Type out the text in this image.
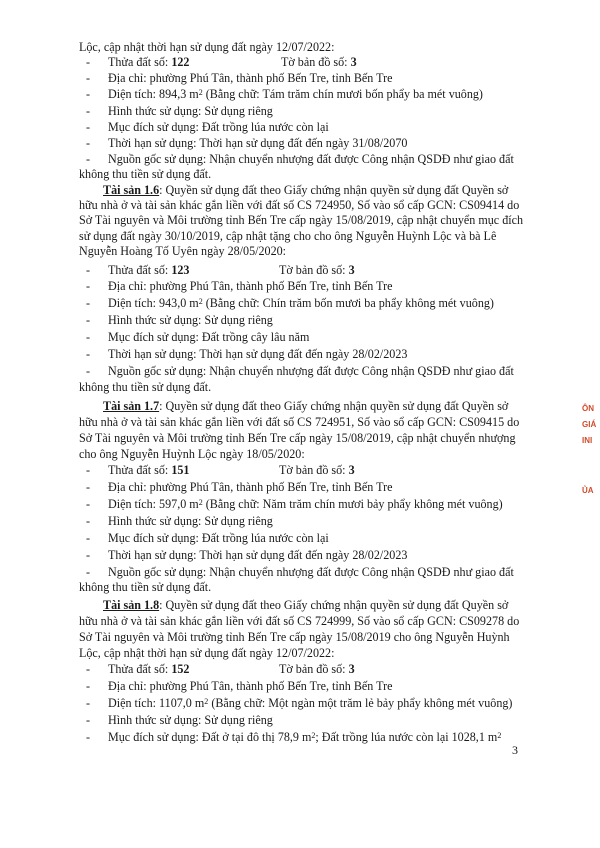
Lộc, cập nhật thời hạn sử dụng đất ngày 12/07/2022:
- Thửa đất số: 122	Tờ bản đồ số: 3
- Địa chỉ: phường Phú Tân, thành phố Bến Tre, tỉnh Bến Tre
- Diện tích: 894,3 $m^2$ (Bằng chữ: Tám trăm chín mươi bốn phẩy ba mét vuông)
- Hình thức sử dụng: Sử dụng riêng
- Mục đích sử dụng: Đất trồng lúa nước còn lại
- Thời hạn sử dụng: Thời hạn sử dụng đất đến ngày 31/08/2070
- Nguồn gốc sử dụng: Nhận chuyển nhượng đất được Công nhận QSDĐ như giao đất
không thu tiền sử dụng đất.
Tài sản 1.6: Quyền sử dụng đất theo Giấy chứng nhận quyền sử dụng đất Quyền sở
hữu nhà ở và tài sản khác gắn liền với đất số CS 724950, Số vào sổ cấp GCN: CS09414 do
Sở Tài nguyên và Môi trường tỉnh Bến Tre cấp ngày 15/08/2019, cập nhật chuyển mục đích
sử dụng đất ngày 30/10/2019, cập nhật tặng cho cho ông Nguyễn Huỳnh Lộc và bà Lê
Nguyễn Hoàng Tố Uyên ngày 28/05/2020:
- Thửa đất số: 123	Tờ bản đồ số: 3
- Địa chỉ: phường Phú Tân, thành phố Bến Tre, tỉnh Bến Tre
- Diện tích: 943,0 $m^2$ (Bằng chữ: Chín trăm bốn mươi ba phẩy không mét vuông)
- Hình thức sử dụng: Sử dụng riêng
- Mục đích sử dụng: Đất trồng cây lâu năm
- Thời hạn sử dụng: Thời hạn sử dụng đất đến ngày 28/02/2023
- Nguồn gốc sử dụng: Nhận chuyển nhượng đất được Công nhận QSDĐ như giao đất
không thu tiền sử dụng đất.
Tài sản 1.7: Quyền sử dụng đất theo Giấy chứng nhận quyền sử dụng đất Quyền sở
hữu nhà ở và tài sản khác gắn liền với đất số CS 724951, Số vào sổ cấp GCN: CS09415 do
Sở Tài nguyên và Môi trường tỉnh Bến Tre cấp ngày 15/08/2019, cập nhật chuyển nhượng
cho ông Nguyễn Huỳnh Lộc ngày 18/05/2020:
- Thửa đất số: 151	Tờ bản đồ số: 3
- Địa chỉ: phường Phú Tân, thành phố Bến Tre, tỉnh Bến Tre
- Diện tích: 597,0 $m^2$ (Bằng chữ: Năm trăm chín mươi bảy phẩy không mét vuông)
- Hình thức sử dụng: Sử dụng riêng
- Mục đích sử dụng: Đất trồng lúa nước còn lại
- Thời hạn sử dụng: Thời hạn sử dụng đất đến ngày 28/02/2023
- Nguồn gốc sử dụng: Nhận chuyển nhượng đất được Công nhận QSDĐ như giao đất
không thu tiền sử dụng đất.
Tài sản 1.8: Quyền sử dụng đất theo Giấy chứng nhận quyền sử dụng đất Quyền sở
hữu nhà ở và tài sản khác gắn liền với đất số CS 724999, Số vào sổ cấp GCN: CS09278 do
Sở Tài nguyên và Môi trường tỉnh Bến Tre cấp ngày 15/08/2019 cho ông Nguyễn Huỳnh
Lộc, cập nhật thời hạn sử dụng đất ngày 12/07/2022:
- Thửa đất số: 152	Tờ bản đồ số: 3
- Địa chỉ: phường Phú Tân, thành phố Bến Tre, tỉnh Bến Tre
- Diện tích: 1107,0 $m^2$ (Bằng chữ: Một ngàn một trăm lẻ bảy phẩy không mét vuông)
- Hình thức sử dụng: Sử dụng riêng
- Mục đích sử dụng: Đất ở tại đô thị 78,9 $m^2$; Đất trồng lúa nước còn lại 1028,1 $m^2$
3
ÔN
GIÁ
INI
ỦA
